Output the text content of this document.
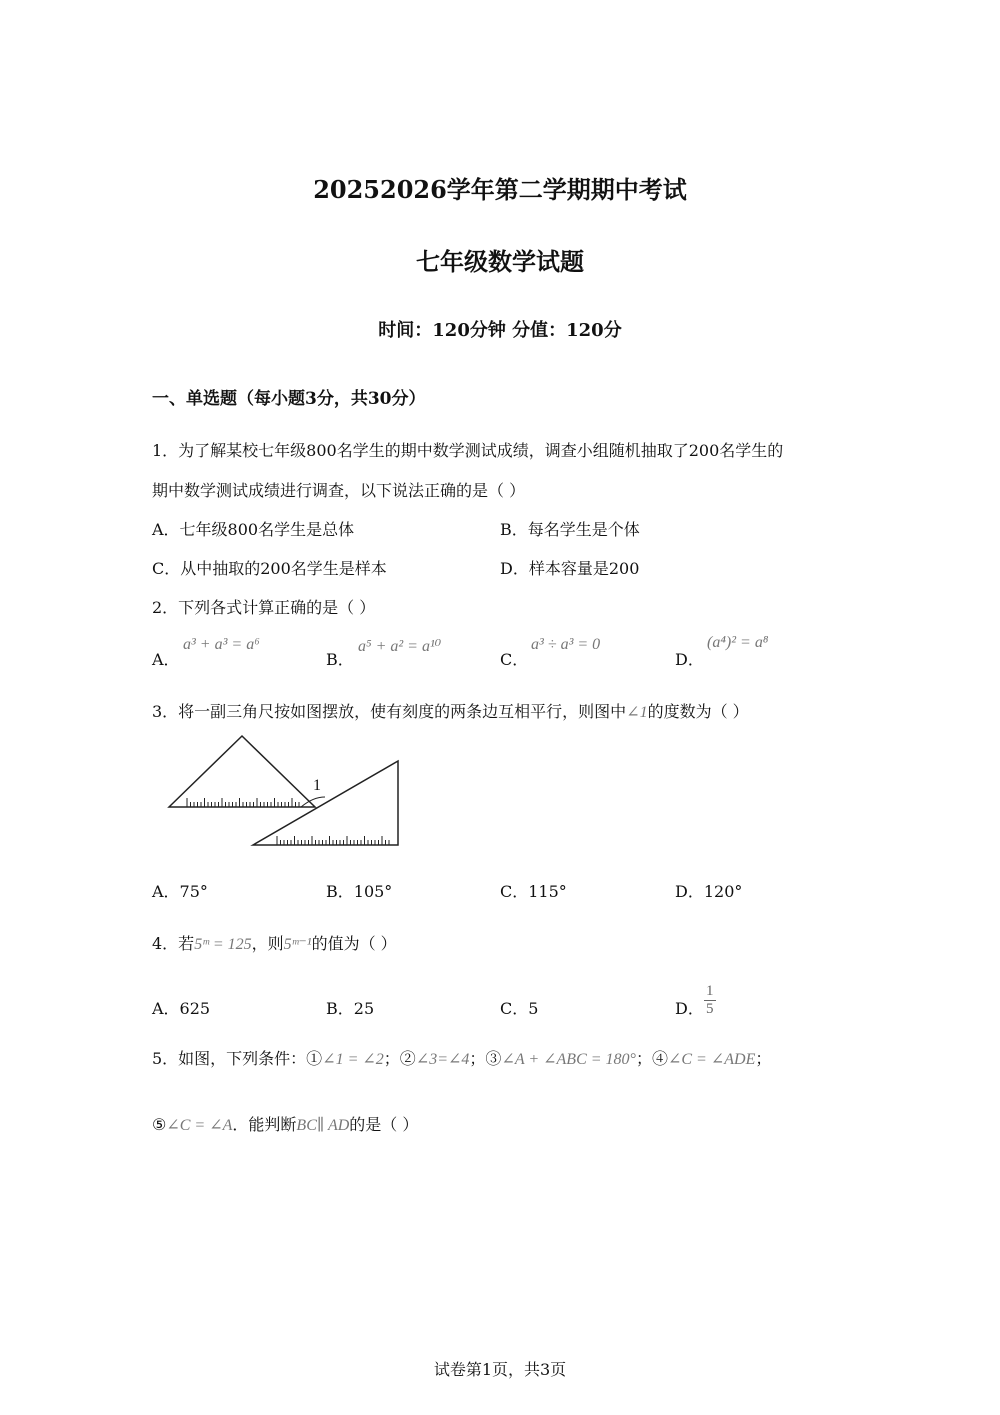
20252026学年第二学期期中考试
七年级数学试题
时间：120分钟 分值：120分
一、单选题（每小题3分，共30分）
1．为了解某校七年级800名学生的期中数学测试成绩，调查小组随机抽取了200名学生的
期中数学测试成绩进行调查，以下说法正确的是（ ）
A．七年级800名学生是总体	B．每名学生是个体
C．从中抽取的200名学生是样本	D．样本容量是200
2．下列各式计算正确的是（ ）
A．
a³ + a³ = a⁶
B．
a⁵ + a² = a¹⁰
C．
a³ ÷ a³ = 0
D．
(a⁴)² = a⁸
3．将一副三角尺按如图摆放，使有刻度的两条边互相平行，则图中∠1的度数为（ ）
1
A．75°	B．105°	C．115°	D．120°
4．若5ᵐ = 125，则5ᵐ⁻¹的值为（ ）
A．625	B．25	C．5	D． $\frac{1}{5}$
5．如图，下列条件：①∠1 = ∠2；②∠3=∠4；③∠A + ∠ABC = 180°；④∠C = ∠ADE；
⑤∠C = ∠A．能判断BC∥ AD的是（ ）
试卷第1页，共3页
